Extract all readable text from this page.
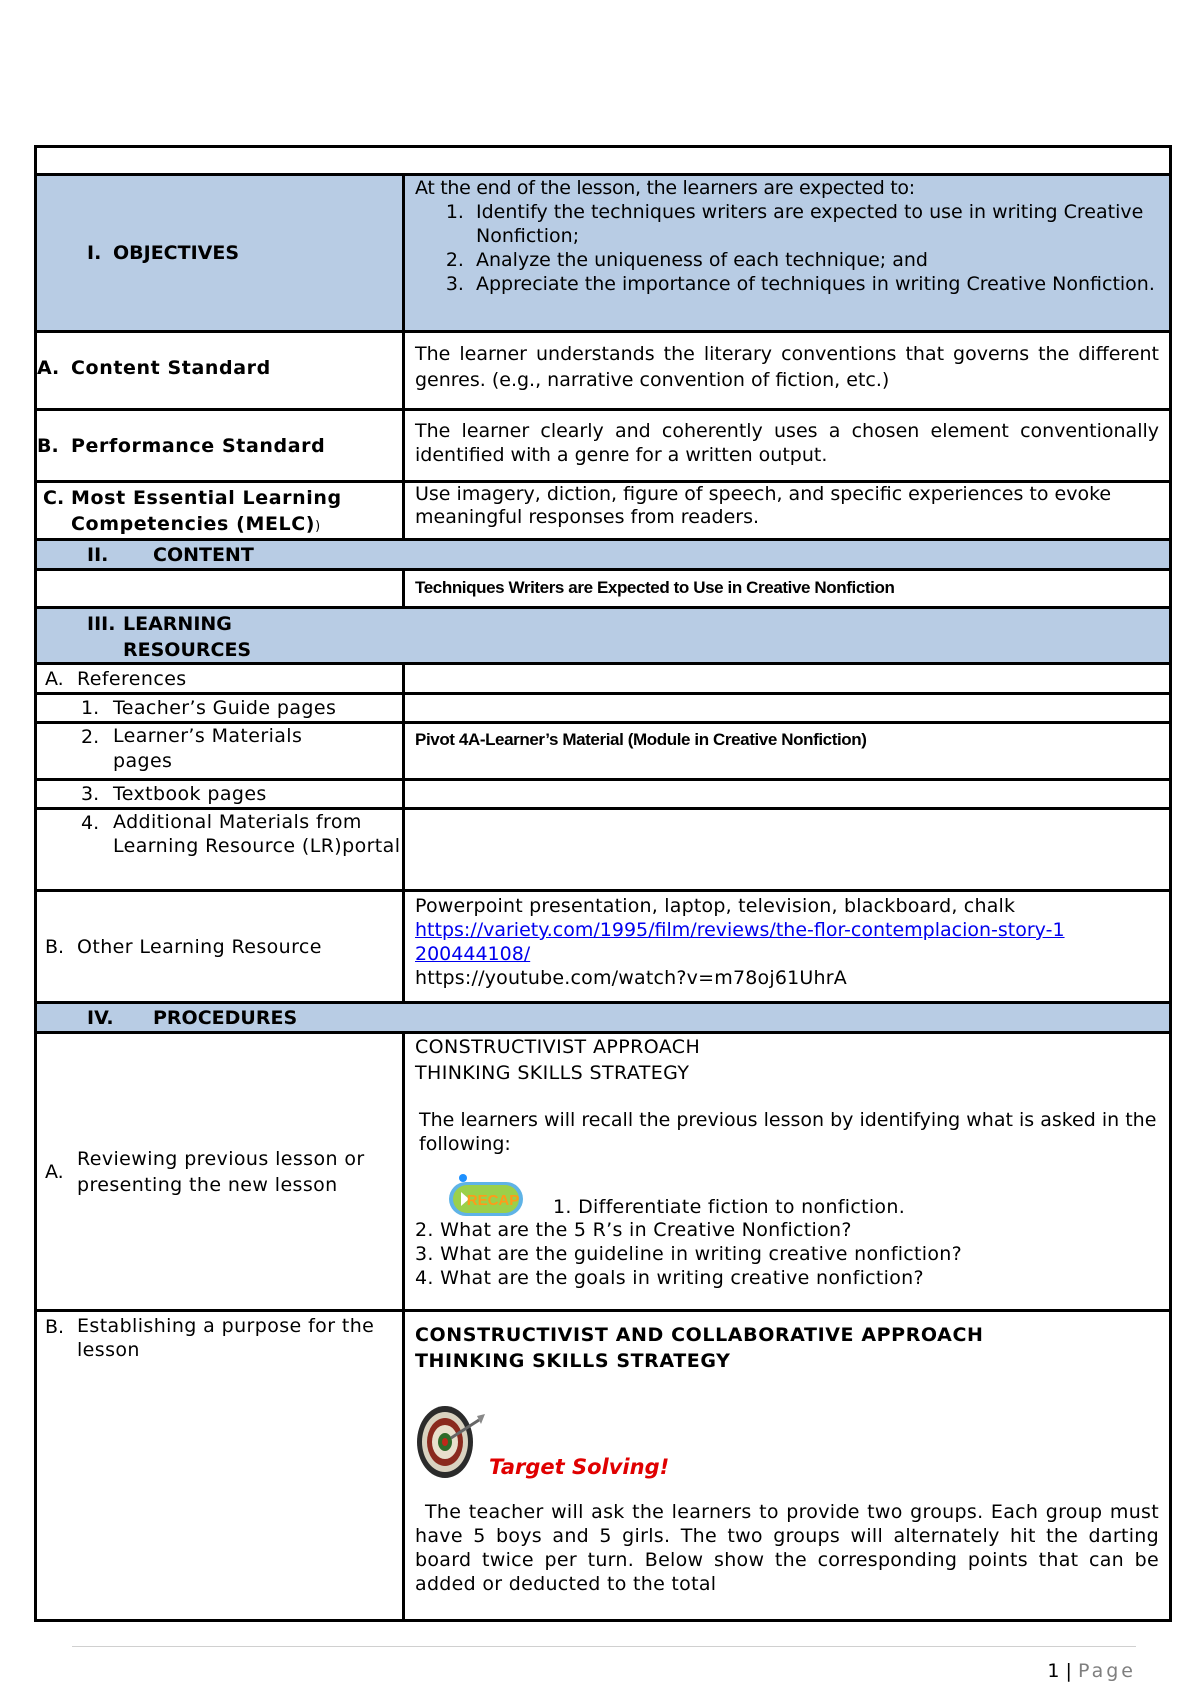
I. OBJECTIVES
At the end of the lesson, the learners are expected to:
1. Identify the techniques writers are expected to use in writing Creative Nonfiction;
2. Analyze the uniqueness of each technique; and
3. Appreciate the importance of techniques in writing Creative Nonfiction.
A. Content Standard
The learner understands the literary conventions that governs the different genres. (e.g., narrative convention of fiction, etc.)
B. Performance Standard
The learner clearly and coherently uses a chosen element conventionally identified with a genre for a written output.
C. Most Essential Learning Competencies (MELC))
Use imagery, diction, figure of speech, and specific experiences to evoke meaningful responses from readers.
II.	CONTENT
Techniques Writers are Expected to Use in Creative Nonfiction
III. LEARNING RESOURCES
A. References
1. Teacher’s Guide pages
2. Learner’s Materials pages
Pivot 4A-Learner’s Material (Module in Creative Nonfiction)
3. Textbook pages
4. Additional Materials from Learning Resource (LR)portal
B. Other Learning Resource
Powerpoint presentation, laptop, television, blackboard, chalk
https://variety.com/1995/film/reviews/the-flor-contemplacion-story-1200444108/
https://youtube.com/watch?v=m78oj61UhrA
IV.	PROCEDURES
A.
Reviewing previous lesson or presenting the new lesson
CONSTRUCTIVIST APPROACH
THINKING SKILLS STRATEGY
The learners will recall the previous lesson by identifying what is asked in the following:
RECAP 1. Differentiate fiction to nonfiction.
2. What are the 5 R’s in Creative Nonfiction?
3. What are the guideline in writing creative nonfiction?
4. What are the goals in writing creative nonfiction?
B. Establishing a purpose for the lesson
CONSTRUCTIVIST AND COLLABORATIVE APPROACH
THINKING SKILLS STRATEGY
Target Solving!
The teacher will ask the learners to provide two groups. Each group must have 5 boys and 5 girls. The two groups will alternately hit the darting board twice per turn. Below show the corresponding points that can be added or deducted to the total
1 | Page
